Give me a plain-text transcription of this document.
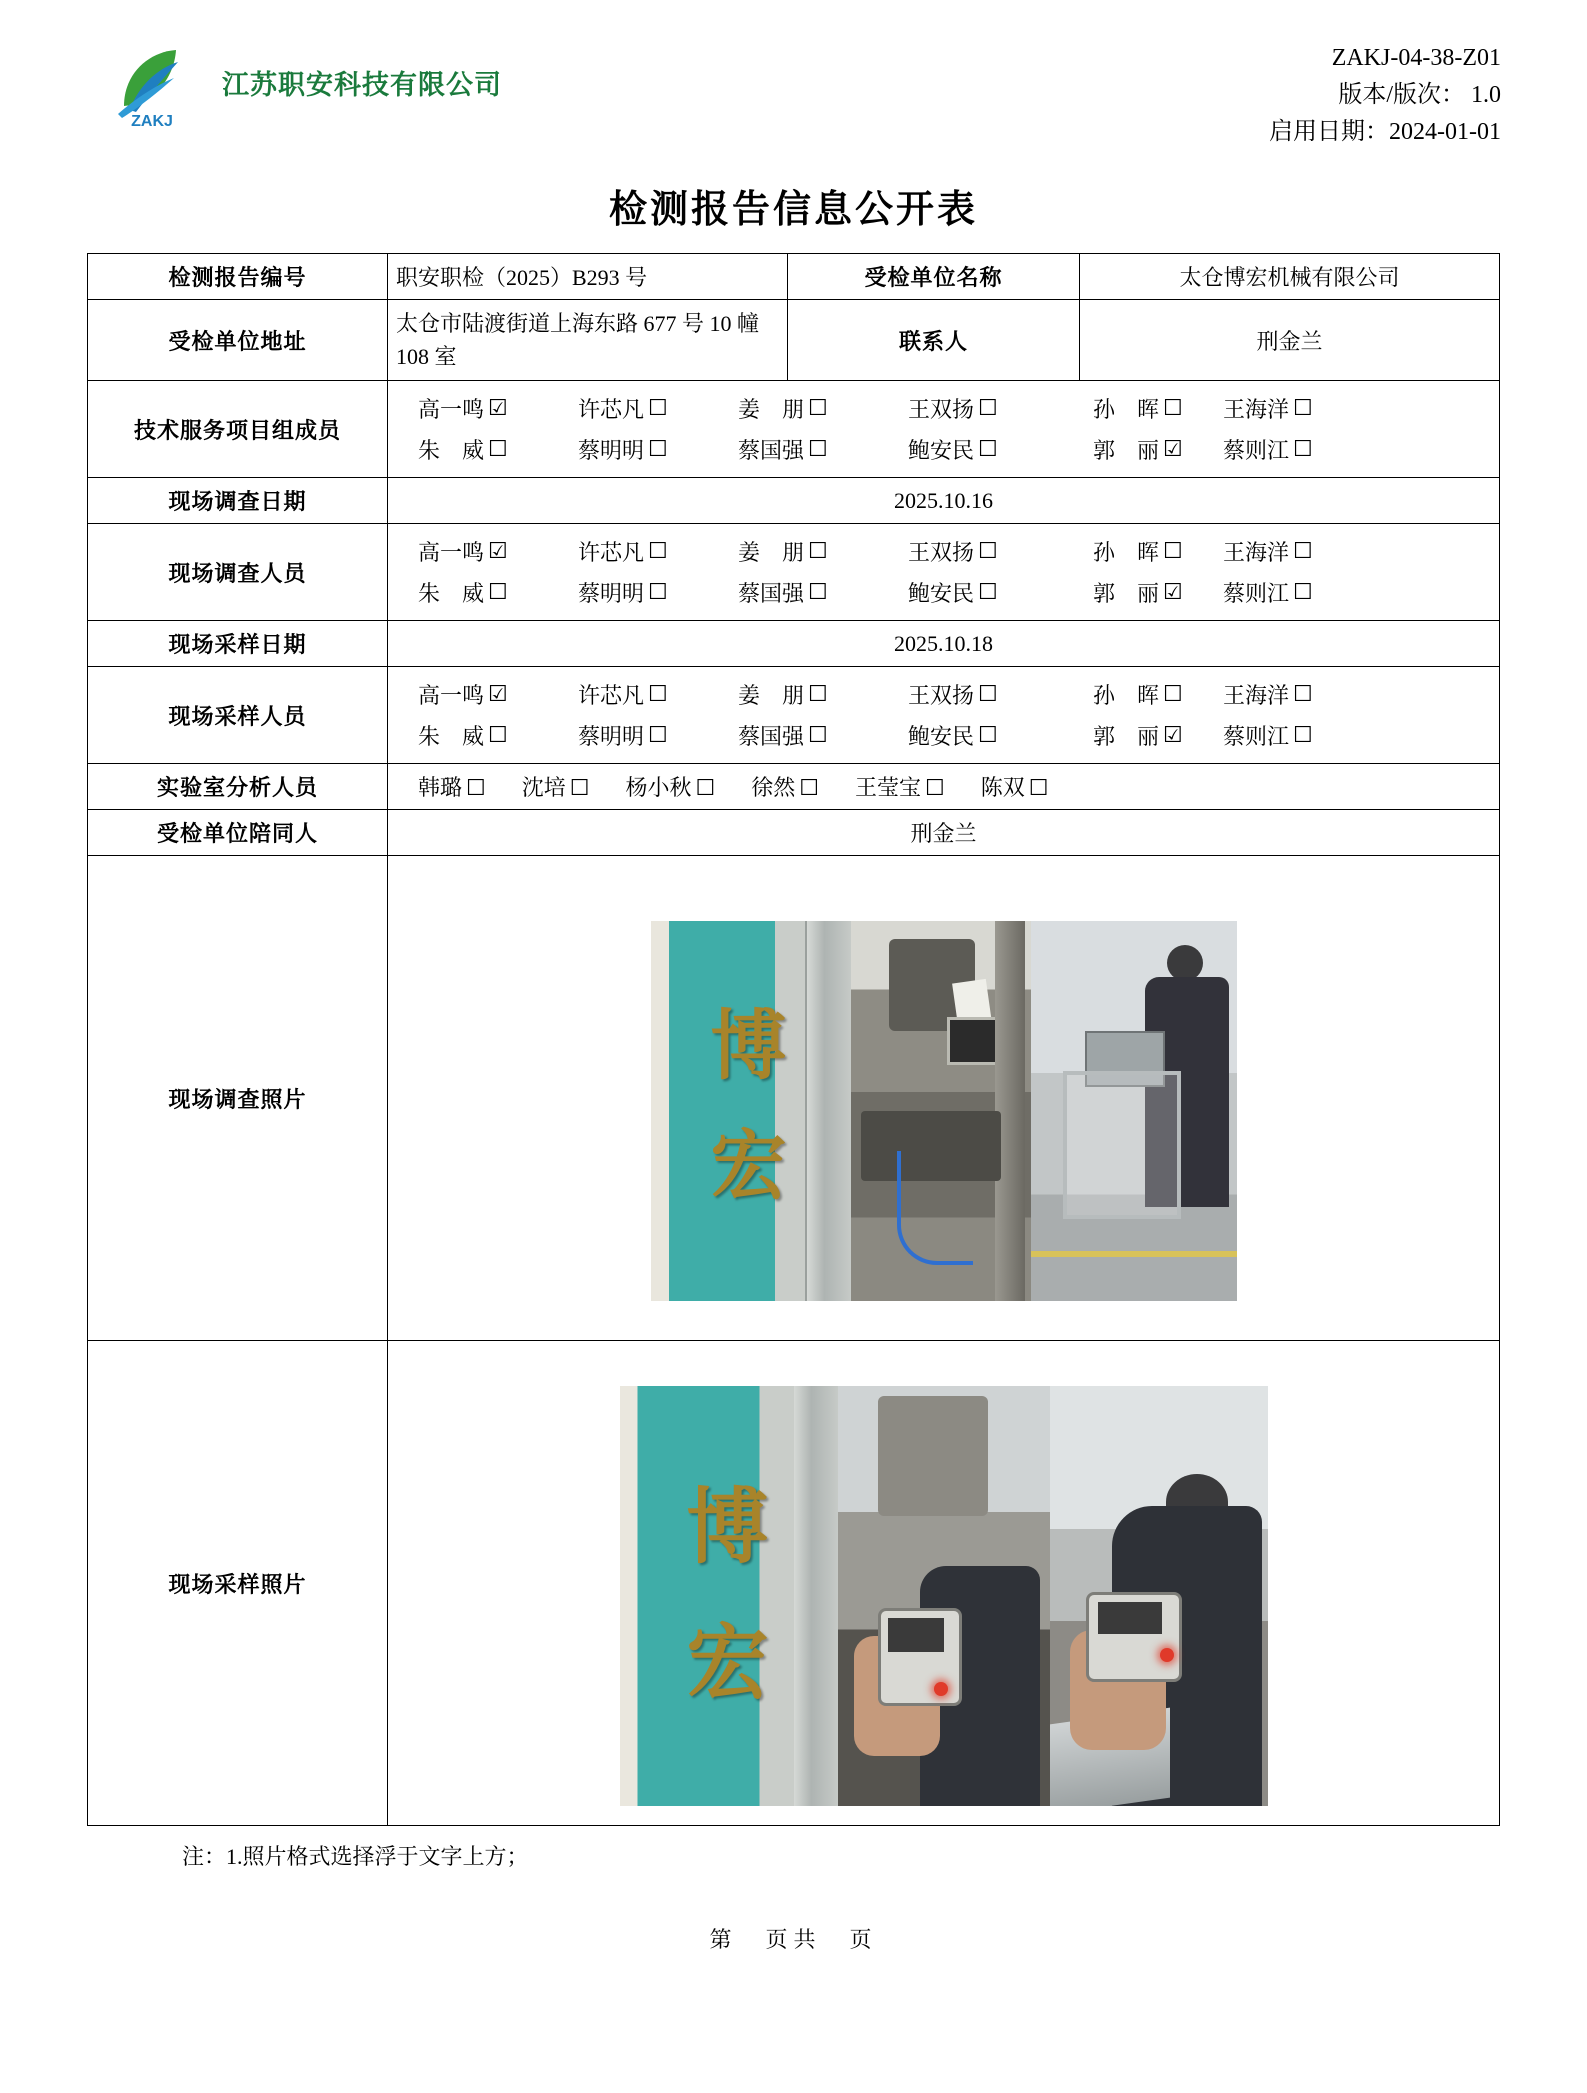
ZAKJ
江苏职安科技有限公司
ZAKJ-04-38-Z01
版本/版次： 1.0
启用日期：2024-01-01
检测报告信息公开表
检测报告编号	职安职检（2025）B293 号	受检单位名称	太仓博宏机械有限公司
受检单位地址	太仓市陆渡街道上海东路 677 号 10 幢 108 室	联系人	刑金兰
技术服务项目组成员	
高一鸣 ☑	许芯凡 ☐	姜　朋 ☐	王双扬 ☐	孙　晖 ☐ 王海洋 ☐
朱　威 ☐	蔡明明 ☐	蔡国强 ☐	鲍安民 ☐	郭　丽 ☑ 蔡则江 ☐

现场调查日期	2025.10.16		
现场调查人员	
高一鸣 ☑	许芯凡 ☐	姜　朋 ☐	王双扬 ☐	孙　晖 ☐ 王海洋 ☐
朱　威 ☐	蔡明明 ☐	蔡国强 ☐	鲍安民 ☐	郭　丽 ☑ 蔡则江 ☐

现场采样日期	2025.10.18		
现场采样人员	
高一鸣 ☑	许芯凡 ☐	姜　朋 ☐	王双扬 ☐	孙　晖 ☐ 王海洋 ☐
朱　威 ☐	蔡明明 ☐	蔡国强 ☐	鲍安民 ☐	郭　丽 ☑ 蔡则江 ☐

实验室分析人员	韩璐 ☐ 沈培 ☐ 杨小秋 ☐ 徐然 ☐ 王莹宝 ☐ 陈双 ☐

受检单位陪同人	刑金兰		
现场调查照片	博
宏		

现场采样照片	博
宏		
注：1.照片格式选择浮于文字上方；
第　页共　页
